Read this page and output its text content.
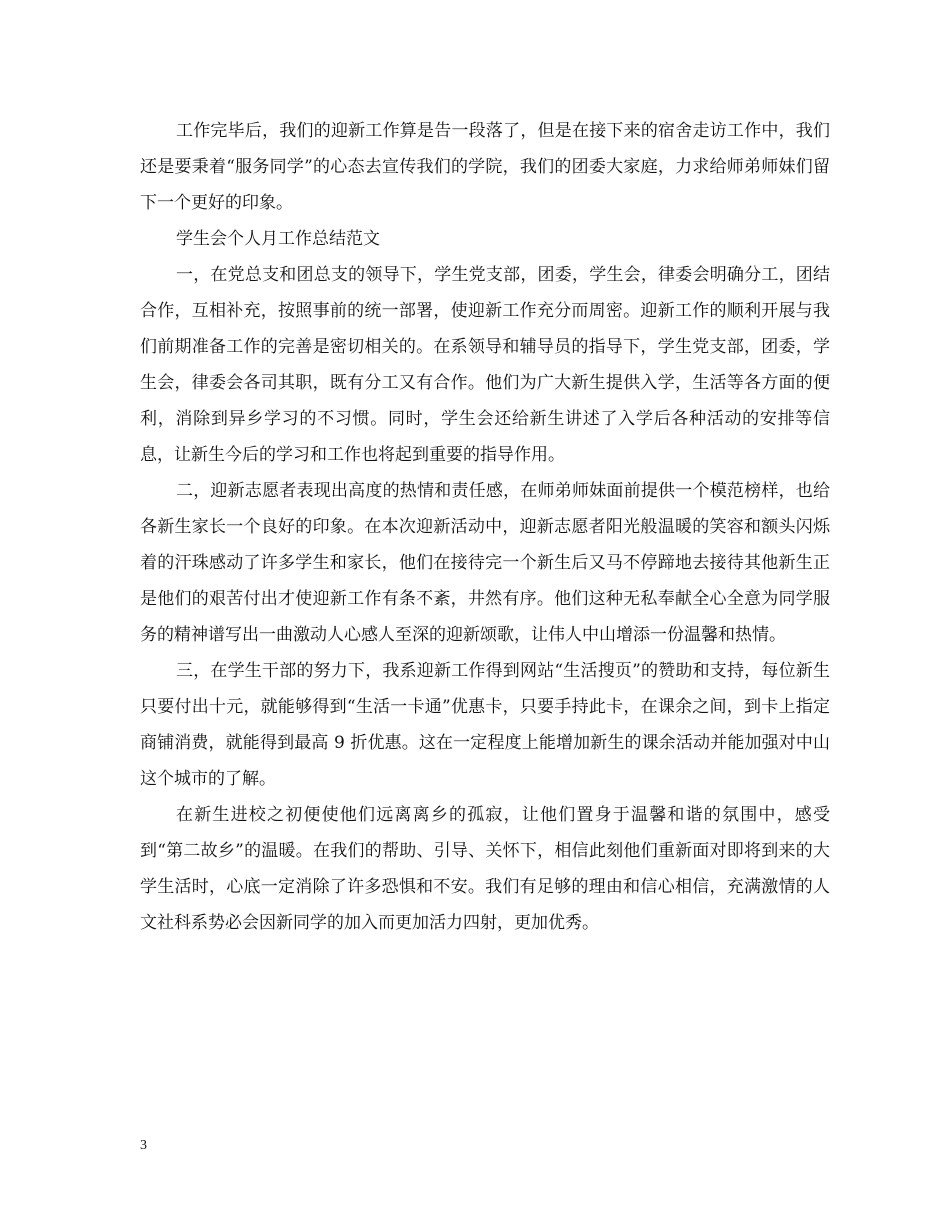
工作完毕后，我们的迎新工作算是告一段落了，但是在接下来的宿舍走访工作中，我们还是要秉着“服务同学”的心态去宣传我们的学院，我们的团委大家庭，力求给师弟师妹们留下一个更好的印象。

学生会个人月工作总结范文

一，在党总支和团总支的领导下，学生党支部，团委，学生会，律委会明确分工，团结合作，互相补充，按照事前的统一部署，使迎新工作充分而周密。迎新工作的顺利开展与我们前期准备工作的完善是密切相关的。在系领导和辅导员的指导下，学生党支部，团委，学生会，律委会各司其职，既有分工又有合作。他们为广大新生提供入学，生活等各方面的便利，消除到异乡学习的不习惯。同时，学生会还给新生讲述了入学后各种活动的安排等信息，让新生今后的学习和工作也将起到重要的指导作用。

二，迎新志愿者表现出高度的热情和责任感，在师弟师妹面前提供一个模范榜样，也给各新生家长一个良好的印象。在本次迎新活动中，迎新志愿者阳光般温暖的笑容和额头闪烁着的汗珠感动了许多学生和家长，他们在接待完一个新生后又马不停蹄地去接待其他新生正是他们的艰苦付出才使迎新工作有条不紊，井然有序。他们这种无私奉献全心全意为同学服务的精神谱写出一曲激动人心感人至深的迎新颂歌，让伟人中山增添一份温馨和热情。

三，在学生干部的努力下，我系迎新工作得到网站“生活搜页”的赞助和支持，每位新生只要付出十元，就能够得到“生活一卡通”优惠卡，只要手持此卡，在课余之间，到卡上指定商铺消费，就能得到最高 9 折优惠。这在一定程度上能增加新生的课余活动并能加强对中山这个城市的了解。

在新生进校之初便使他们远离离乡的孤寂，让他们置身于温馨和谐的氛围中，感受到“第二故乡”的温暖。在我们的帮助、引导、关怀下，相信此刻他们重新面对即将到来的大学生活时，心底一定消除了许多恐惧和不安。我们有足够的理由和信心相信，充满激情的人文社科系势必会因新同学的加入而更加活力四射，更加优秀。

3
